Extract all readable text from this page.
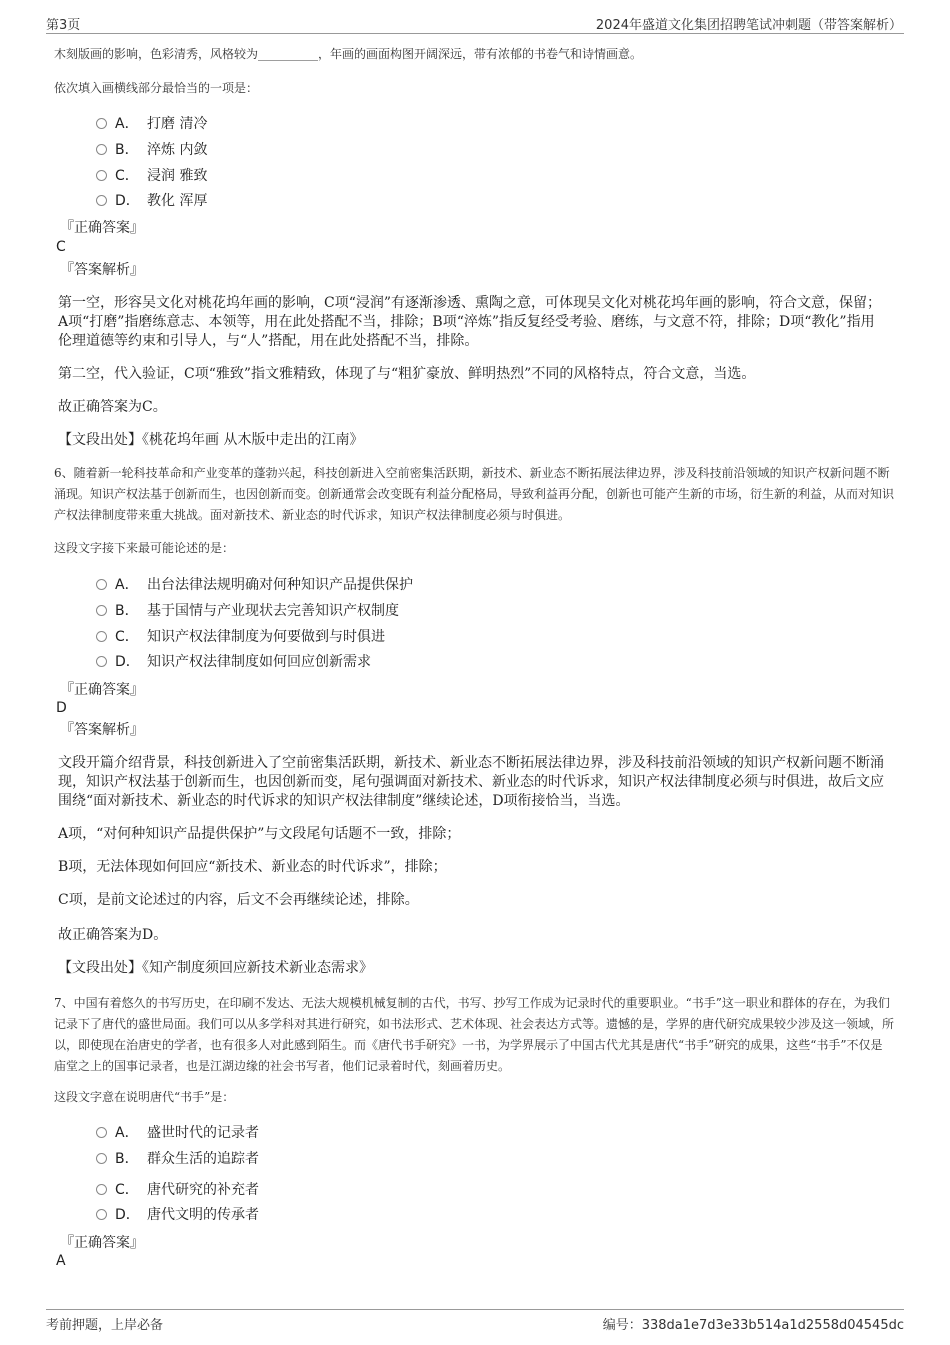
第3页	2024年盛道文化集团招聘笔试冲刺题（带答案解析）
木刻版画的影响，色彩清秀，风格较为__________，年画的画面构图开阔深远，带有浓郁的书卷气和诗情画意。
依次填入画横线部分最恰当的一项是：
A． 打磨 清冷
B． 淬炼 内敛
C． 浸润 雅致
D． 教化 浑厚
『正确答案』
C
『答案解析』
第一空，形容吴文化对桃花坞年画的影响，C项“浸润”有逐渐渗透、熏陶之意，可体现吴文化对桃花坞年画的影响，符合文意，保留；A项“打磨”指磨练意志、本领等，用在此处搭配不当，排除；B项“淬炼”指反复经受考验、磨练，与文意不符，排除；D项“教化”指用伦理道德等约束和引导人，与“人”搭配，用在此处搭配不当，排除。
第二空，代入验证，C项“雅致”指文雅精致，体现了与“粗犷豪放、鲜明热烈”不同的风格特点，符合文意，当选。
故正确答案为C。
【文段出处】《桃花坞年画 从木版中走出的江南》
6、随着新一轮科技革命和产业变革的蓬勃兴起，科技创新进入空前密集活跃期，新技术、新业态不断拓展法律边界，涉及科技前沿领域的知识产权新问题不断涌现。知识产权法基于创新而生，也因创新而变。创新通常会改变既有利益分配格局，导致利益再分配，创新也可能产生新的市场，衍生新的利益，从而对知识产权法律制度带来重大挑战。面对新技术、新业态的时代诉求，知识产权法律制度必须与时俱进。
这段文字接下来最可能论述的是：
A． 出台法律法规明确对何种知识产品提供保护
B． 基于国情与产业现状去完善知识产权制度
C． 知识产权法律制度为何要做到与时俱进
D． 知识产权法律制度如何回应创新需求
『正确答案』
D
『答案解析』
文段开篇介绍背景，科技创新进入了空前密集活跃期，新技术、新业态不断拓展法律边界，涉及科技前沿领域的知识产权新问题不断涌现，知识产权法基于创新而生，也因创新而变，尾句强调面对新技术、新业态的时代诉求，知识产权法律制度必须与时俱进，故后文应围绕“面对新技术、新业态的时代诉求的知识产权法律制度”继续论述，D项衔接恰当，当选。
A项，“对何种知识产品提供保护”与文段尾句话题不一致，排除；
B项，无法体现如何回应“新技术、新业态的时代诉求”，排除；
C项，是前文论述过的内容，后文不会再继续论述，排除。
故正确答案为D。
【文段出处】《知产制度须回应新技术新业态需求》
7、中国有着悠久的书写历史，在印刷不发达、无法大规模机械复制的古代，书写、抄写工作成为记录时代的重要职业。“书手”这一职业和群体的存在，为我们记录下了唐代的盛世局面。我们可以从多学科对其进行研究，如书法形式、艺术体现、社会表达方式等。遗憾的是，学界的唐代研究成果较少涉及这一领域，所以，即使现在治唐史的学者，也有很多人对此感到陌生。而《唐代书手研究》一书，为学界展示了中国古代尤其是唐代“书手”研究的成果，这些“书手”不仅是庙堂之上的国事记录者，也是江湖边缘的社会书写者，他们记录着时代，刻画着历史。
这段文字意在说明唐代“书手”是：
A． 盛世时代的记录者
B． 群众生活的追踪者
C． 唐代研究的补充者
D． 唐代文明的传承者
『正确答案』
A
考前押题，上岸必备	编号：338da1e7d3e33b514a1d2558d04545dc
